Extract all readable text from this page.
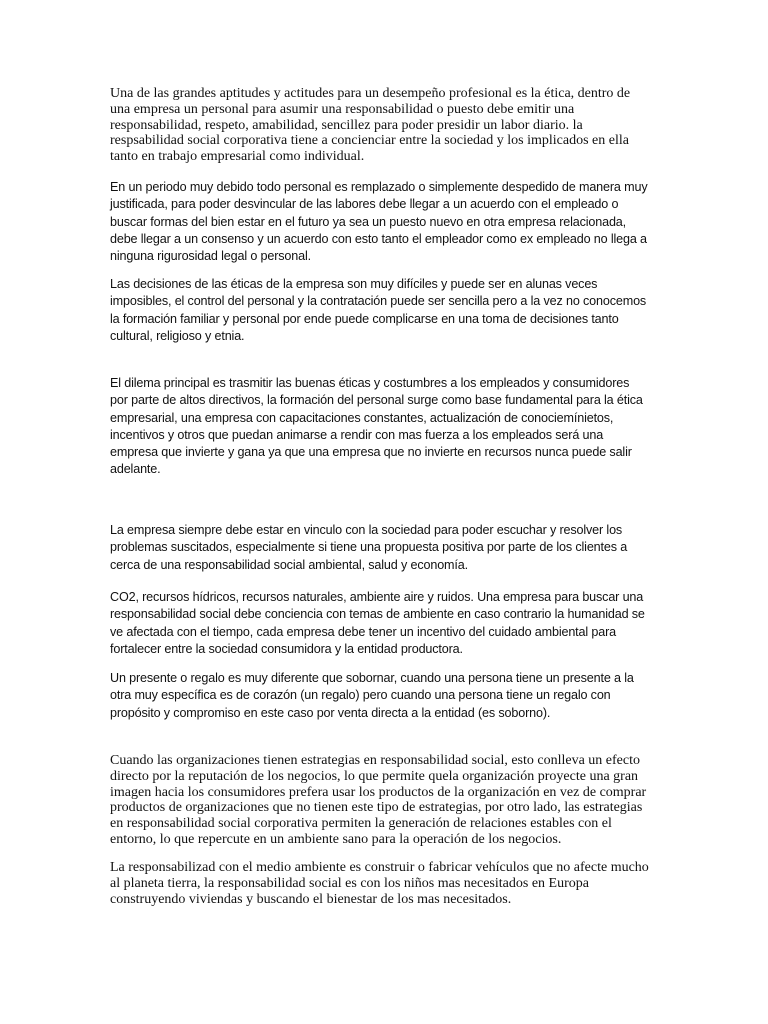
Una de las grandes aptitudes y actitudes para un desempeño profesional es la ética, dentro de una empresa un personal para asumir una responsabilidad o puesto debe emitir una responsabilidad, respeto, amabilidad, sencillez para poder presidir un labor diario. la respsabilidad social corporativa tiene a concienciar entre la sociedad y los implicados en ella tanto en trabajo empresarial como individual.

En un periodo muy debido todo personal es remplazado o simplemente despedido de manera muy justificada, para poder desvincular de las labores debe llegar a un acuerdo con el empleado o buscar formas del bien estar en el futuro ya sea un puesto nuevo en otra empresa relacionada, debe llegar a un consenso y un acuerdo con esto tanto el empleador como ex empleado no llega a ninguna rigurosidad legal o personal.

Las decisiones de las éticas de la empresa son muy difíciles y puede ser en alunas veces imposibles, el control del personal y la contratación puede ser sencilla pero a la vez no conocemos la formación familiar y personal por ende puede complicarse en una toma de decisiones tanto cultural, religioso y etnia.

El dilema principal es trasmitir las buenas éticas y costumbres a los empleados y consumidores por parte de altos directivos, la formación del personal surge como base fundamental para la ética empresarial, una empresa con capacitaciones constantes, actualización de conociemínietos, incentivos y otros que puedan animarse a rendir con mas fuerza a los empleados será una empresa que invierte y gana ya que una empresa que no invierte en recursos nunca puede salir adelante.

La empresa siempre debe estar en vinculo con la sociedad para poder escuchar y resolver los problemas suscitados, especialmente si tiene una propuesta positiva por parte de los clientes a cerca de una responsabilidad social ambiental, salud y economía.

CO2, recursos hídricos, recursos naturales, ambiente aire y ruidos. Una empresa para buscar una responsabilidad social debe conciencia con temas de ambiente en caso contrario la humanidad se ve afectada con el tiempo, cada empresa debe tener un incentivo del cuidado ambiental para fortalecer entre la sociedad consumidora y la entidad productora.

Un presente o regalo es muy diferente que sobornar, cuando una persona tiene un presente a la otra muy específica es de corazón (un regalo) pero cuando una persona tiene un regalo con propósito y compromiso en este caso por venta directa a la entidad (es soborno).

Cuando las organizaciones tienen estrategias en responsabilidad social, esto conlleva un efecto directo por la reputación de los negocios, lo que permite quela organización proyecte una gran imagen hacia los consumidores prefera usar los productos de la organización en vez de comprar productos de organizaciones que no tienen este tipo de estrategias, por otro lado, las estrategias en responsabilidad social corporativa permiten la generación de relaciones estables con el entorno, lo que repercute en un ambiente sano para la operación de los negocios.

La responsabilizad con el medio ambiente es construir o fabricar vehículos que no afecte mucho al planeta tierra, la responsabilidad social es con los niños mas necesitados en Europa construyendo viviendas y buscando el bienestar de los mas necesitados.
